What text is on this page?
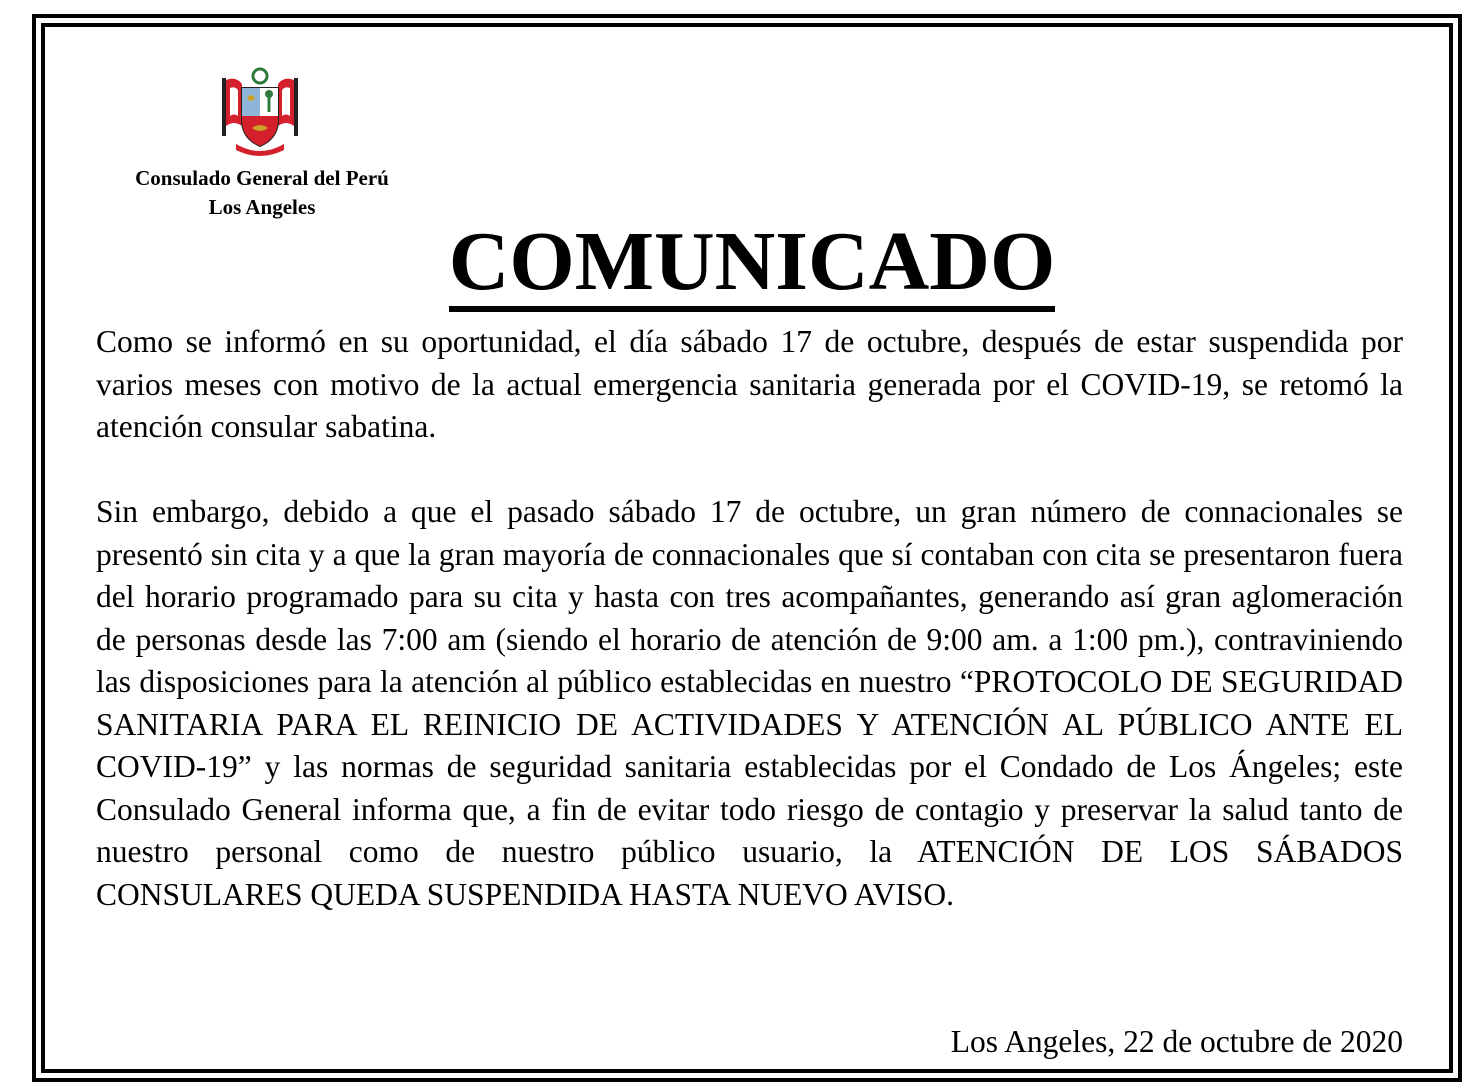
Consulado General del Perú
Los Angeles
COMUNICADO
Como se informó en su oportunidad, el día sábado 17 de octubre, después de estar suspendida por varios meses con motivo de la actual emergencia sanitaria generada por el COVID-19, se retomó la atención consular sabatina.
Sin embargo, debido a que el pasado sábado 17 de octubre, un gran número de connacionales se presentó sin cita y a que la gran mayoría de connacionales que sí contaban con cita se presentaron fuera del horario programado para su cita y hasta con tres acompañantes, generando así gran aglomeración de personas desde las 7:00 am (siendo el horario de atención de 9:00 am. a 1:00 pm.), contraviniendo las disposiciones para la atención al público establecidas en nuestro “PROTOCOLO DE SEGURIDAD SANITARIA PARA EL REINICIO DE ACTIVIDADES Y ATENCIÓN AL PÚBLICO ANTE EL COVID-19” y las normas de seguridad sanitaria establecidas por el Condado de Los Ángeles; este Consulado General informa que, a fin de evitar todo riesgo de contagio y preservar la salud tanto de nuestro personal como de nuestro público usuario, la ATENCIÓN DE LOS SÁBADOS CONSULARES QUEDA SUSPENDIDA HASTA NUEVO AVISO.
Los Angeles, 22 de octubre de 2020
